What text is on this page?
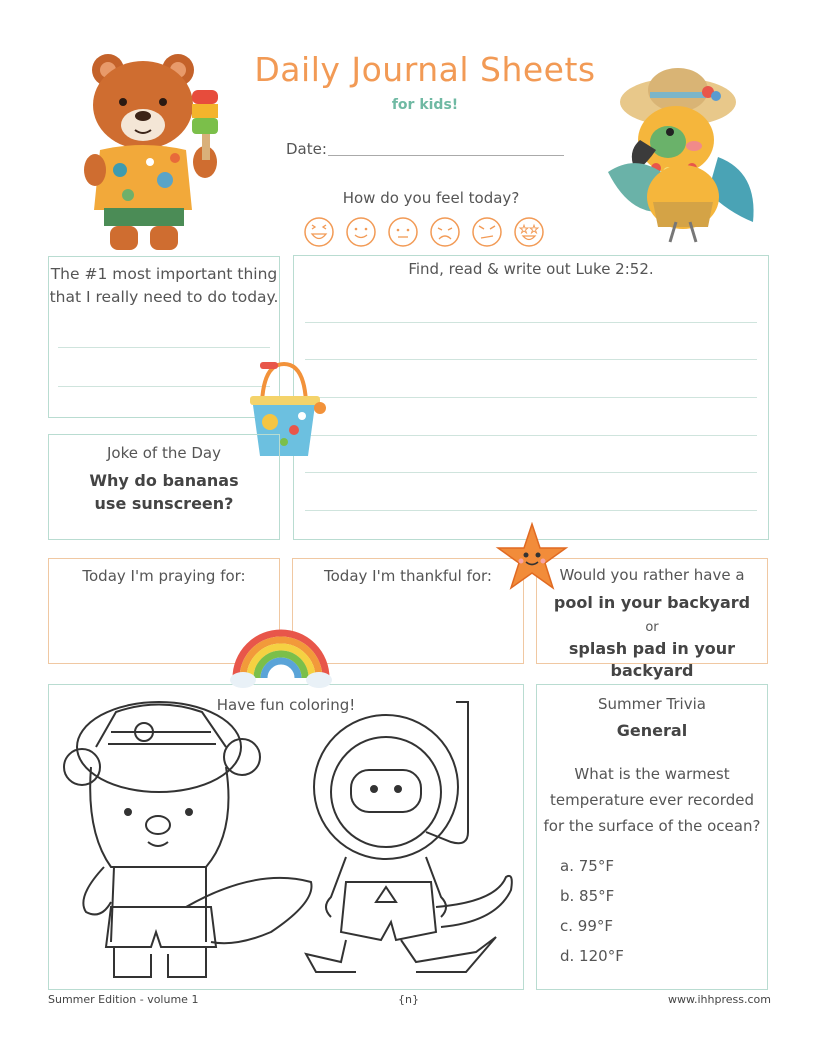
Daily Journal Sheets
for kids!
Date:
How do you feel today?
The #1 most important thing
that I really need to do today.
Find, read & write out Luke 2:52.
Joke of the Day
Why do bananas
use sunscreen?
Today I'm praying for:	Today I'm thankful for:	Would you rather have a
pool in your backyard
or
splash pad in your backyard
Have fun coloring!	Summer Trivia
General
What is the warmest
temperature ever recorded
for the surface of the ocean?
a. 75°F
b. 85°F
c. 99°F
d. 120°F
Summer Edition - volume 1	{n}	www.ihhpress.com
